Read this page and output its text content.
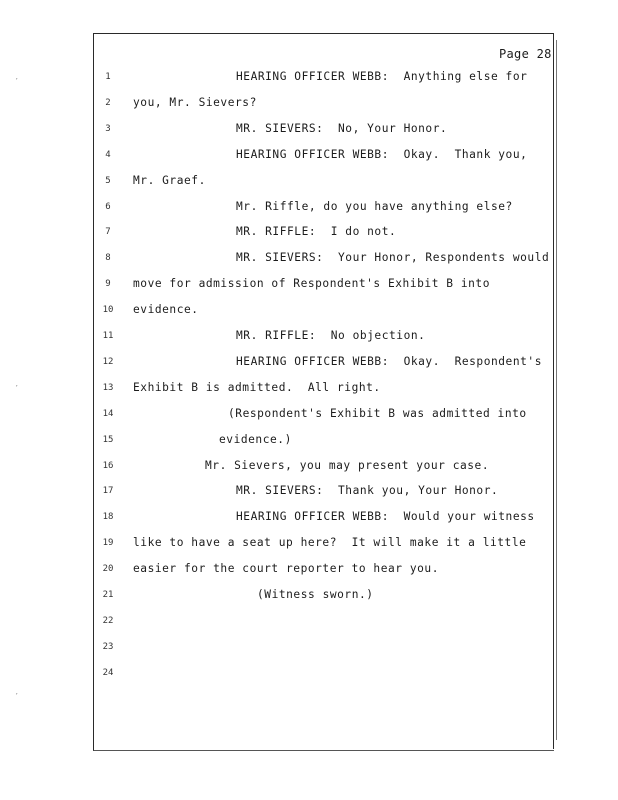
Page 28
1	HEARING OFFICER WEBB:  Anything else for
2	you, Mr. Sievers?
3	MR. SIEVERS:  No, Your Honor.
4	HEARING OFFICER WEBB:  Okay.  Thank you,
5	Mr. Graef.
6	Mr. Riffle, do you have anything else?
7	MR. RIFFLE:  I do not.
8	MR. SIEVERS:  Your Honor, Respondents would
9	move for admission of Respondent's Exhibit B into
10 evidence.
11	MR. RIFFLE:  No objection.
12	HEARING OFFICER WEBB:  Okay.  Respondent's
13 Exhibit B is admitted.  All right.
14	(Respondent's Exhibit B was admitted into
15	evidence.)
16	Mr. Sievers, you may present your case.
17	MR. SIEVERS:  Thank you, Your Honor.
18	HEARING OFFICER WEBB:  Would your witness
19 like to have a seat up here?  It will make it a little
20 easier for the court reporter to hear you.
21	(Witness sworn.)
22
23
24
ˊ
ˊ
ˊ
